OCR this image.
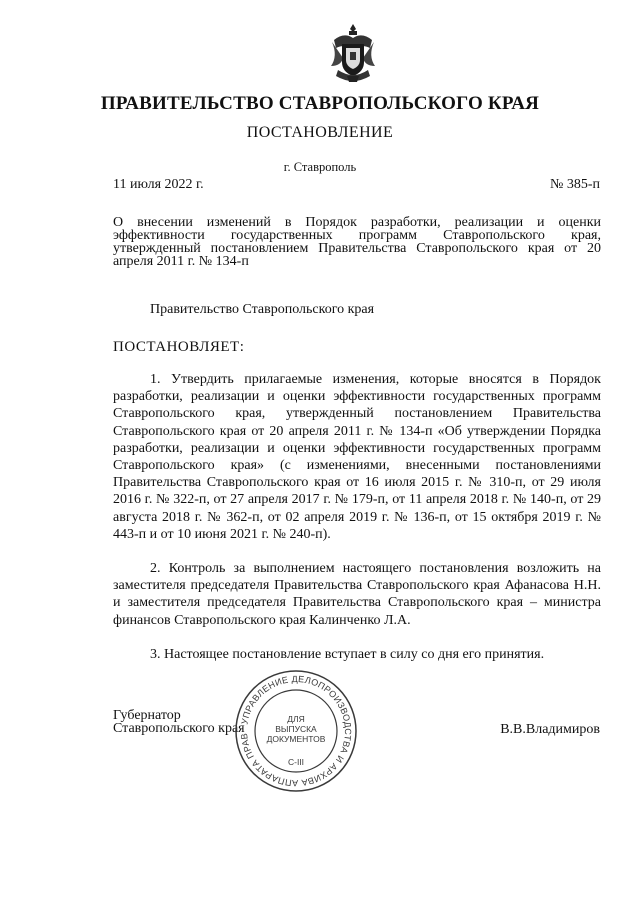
ПРАВИТЕЛЬСТВО СТАВРОПОЛЬСКОГО КРАЯ
ПОСТАНОВЛЕНИЕ
г. Ставрополь
11 июля 2022 г.	№ 385-п
О внесении изменений в Порядок разработки, реализации и оценки эффективности государственных программ Ставропольского края, утвержденный постановлением Правительства Ставропольского края от 20 апреля 2011 г. № 134-п
Правительство Ставропольского края
ПОСТАНОВЛЯЕТ:
1. Утвердить прилагаемые изменения, которые вносятся в Порядок разработки, реализации и оценки эффективности государственных программ Ставропольского края, утвержденный постановлением Правительства Ставропольского края от 20 апреля 2011 г. № 134-п «Об утверждении Порядка разработки, реализации и оценки эффективности государственных программ Ставропольского края» (с изменениями, внесенными постановлениями Правительства Ставропольского края от 16 июля 2015 г. № 310-п, от 29 июля 2016 г. № 322-п, от 27 апреля 2017 г. № 179-п, от 11 апреля 2018 г. № 140-п, от 29 августа 2018 г. № 362-п, от 02 апреля 2019 г. № 136-п, от 15 октября 2019 г. № 443-п и от 10 июня 2021 г. № 240-п).
2. Контроль за выполнением настоящего постановления возложить на заместителя председателя Правительства Ставропольского края Афанасова Н.Н. и заместителя председателя Правительства Ставропольского края – министра финансов Ставропольского края Калинченко Л.А.
3. Настоящее постановление вступает в силу со дня его принятия.
Губернатор
Ставропольского края	В.В.Владимиров
УПРАВЛЕНИЕ ДЕЛОПРОИЗВОДСТВА И АРХИВА АППАРАТА ПРАВ
ДЛЯ
ВЫПУСКА
ДОКУМЕНТОВ
С-III
